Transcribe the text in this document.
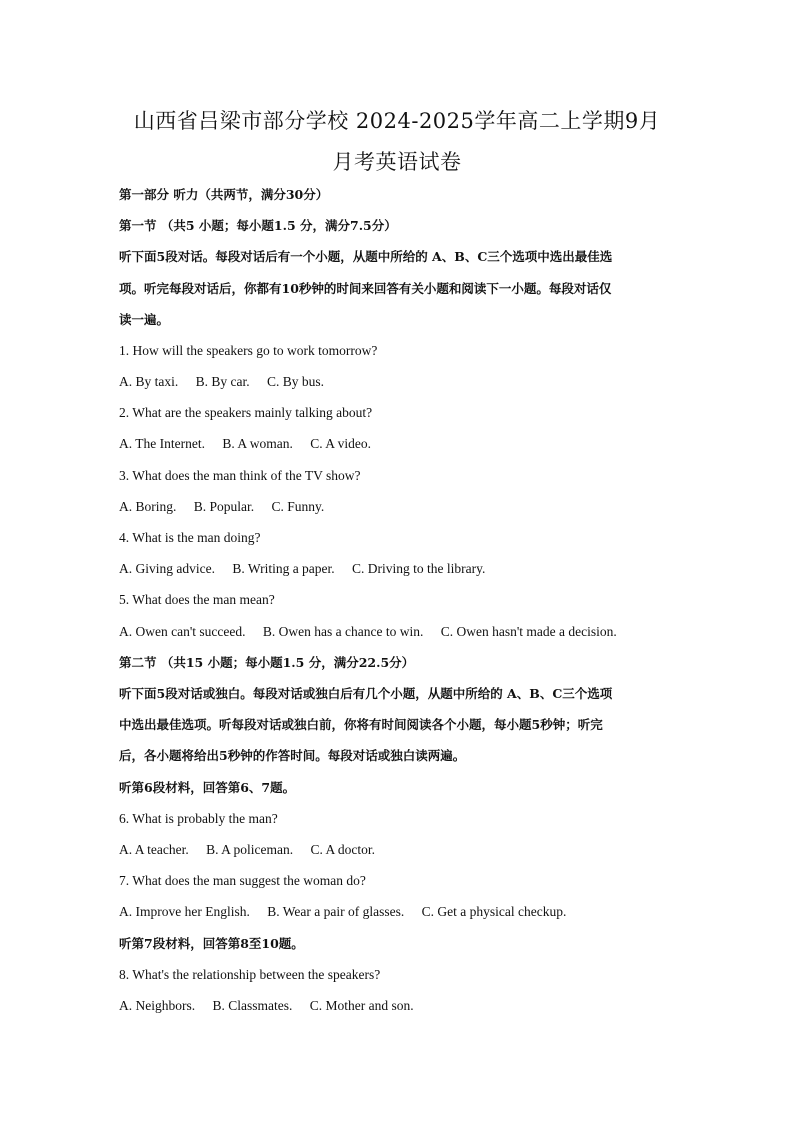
山西省吕梁市部分学校 2024-2025学年高二上学期9月
月考英语试卷
第一部分 听力（共两节，满分30分）
第一节 （共5 小题；每小题1.5 分，满分7.5分）
听下面5段对话。每段对话后有一个小题，从题中所给的 A、B、C三个选项中选出最佳选
项。听完每段对话后，你都有10秒钟的时间来回答有关小题和阅读下一小题。每段对话仅
读一遍。
1. How will the speakers go to work tomorrow?
A. By taxi. B. By car. C. By bus.
2. What are the speakers mainly talking about?
A. The Internet. B. A woman. C. A video.
3. What does the man think of the TV show?
A. Boring. B. Popular. C. Funny.
4. What is the man doing?
A. Giving advice. B. Writing a paper. C. Driving to the library.
5. What does the man mean?
A. Owen can't succeed. B. Owen has a chance to win. C. Owen hasn't made a decision.
第二节 （共15 小题；每小题1.5 分，满分22.5分）
听下面5段对话或独白。每段对话或独白后有几个小题，从题中所给的 A、B、C三个选项
中选出最佳选项。听每段对话或独白前，你将有时间阅读各个小题，每小题5秒钟；听完
后，各小题将给出5秒钟的作答时间。每段对话或独白读两遍。
听第6段材料，回答第6、7题。
6. What is probably the man?
A. A teacher. B. A policeman. C. A doctor.
7. What does the man suggest the woman do?
A. Improve her English. B. Wear a pair of glasses. C. Get a physical checkup.
听第7段材料，回答第8至10题。
8. What's the relationship between the speakers?
A. Neighbors. B. Classmates. C. Mother and son.
